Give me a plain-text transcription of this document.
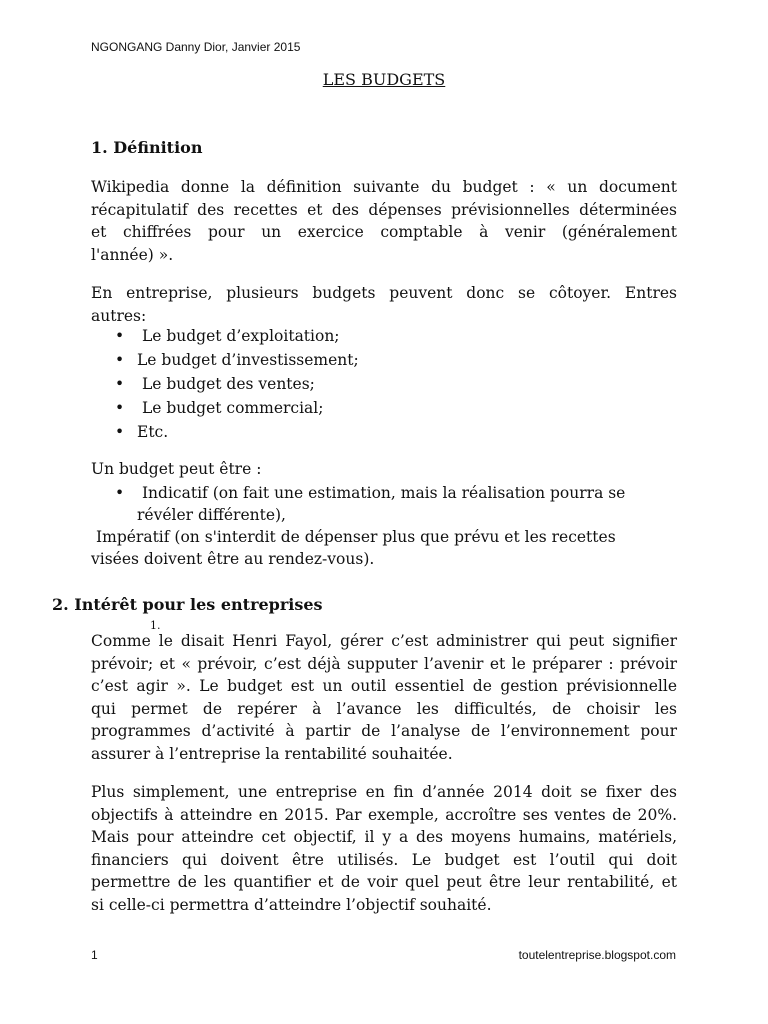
NGONGANG Danny Dior, Janvier 2015
LES BUDGETS
1. Définition
Wikipedia donne la définition suivante du budget : « un document
récapitulatif des recettes et des dépenses prévisionnelles déterminées
et chiffrées pour un exercice comptable à venir (généralement
l'année) ».
En entreprise, plusieurs budgets peuvent donc se côtoyer. Entres
autres:
• Le budget d’exploitation;
• Le budget d’investissement;
• Le budget des ventes;
• Le budget commercial;
• Etc.
Un budget peut être :
• Indicatif (on fait une estimation, mais la réalisation pourra se
révéler différente),
Impératif (on s'interdit de dépenser plus que prévu et les recettes
visées doivent être au rendez-vous).
2. Intérêt pour les entreprises
1.
Comme le disait Henri Fayol, gérer c’est administrer qui peut signifier
prévoir; et « prévoir, c’est déjà supputer l’avenir et le préparer : prévoir
c’est agir ». Le budget est un outil essentiel de gestion prévisionnelle
qui permet de repérer à l’avance les difficultés, de choisir les
programmes d’activité à partir de l’analyse de l’environnement pour
assurer à l’entreprise la rentabilité souhaitée.
Plus simplement, une entreprise en fin d’année 2014 doit se fixer des
objectifs à atteindre en 2015. Par exemple, accroître ses ventes de 20%.
Mais pour atteindre cet objectif, il y a des moyens humains, matériels,
financiers qui doivent être utilisés. Le budget est l’outil qui doit
permettre de les quantifier et de voir quel peut être leur rentabilité, et
si celle-ci permettra d’atteindre l’objectif souhaité.
1	toutelentreprise.blogspot.com
